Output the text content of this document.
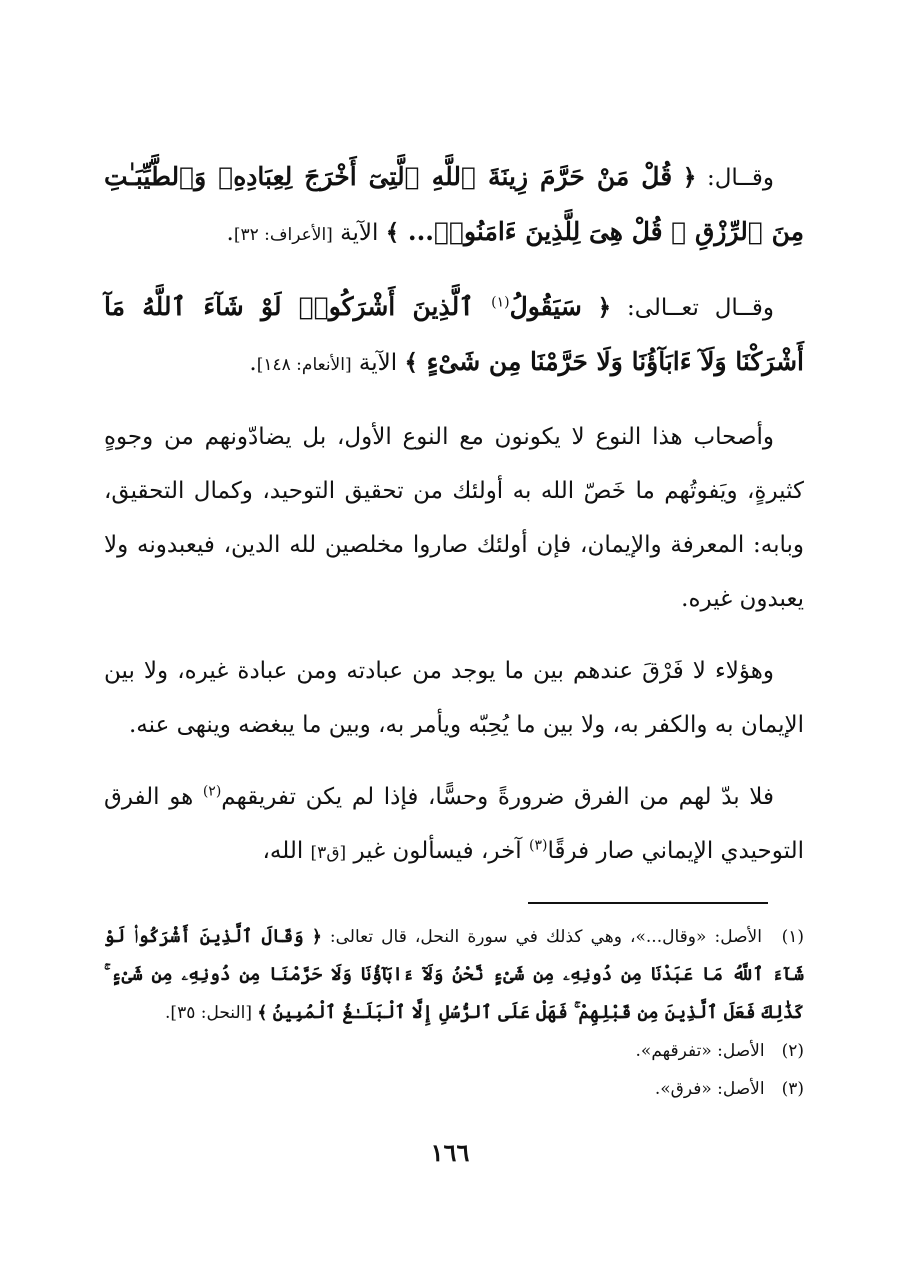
وقــال: ﴿ قُلْ مَنْ حَرَّمَ زِينَةَ ٱللَّهِ ٱلَّتِىٓ أَخْرَجَ لِعِبَادِهِۦ وَٱلطَّيِّبَـٰتِ مِنَ ٱلرِّزْقِ ۚ قُلْ هِىَ لِلَّذِينَ ءَامَنُوا۟... ﴾ الآية [الأعراف: ٣٢].

وقــال تعــالى: ﴿ سَيَقُولُ$^{(١)}$ ٱلَّذِينَ أَشْرَكُوا۟ لَوْ شَآءَ ٱللَّهُ مَآ أَشْرَكْنَا وَلَآ ءَابَآؤُنَا وَلَا حَرَّمْنَا مِن شَىْءٍ ﴾ الآية [الأنعام: ١٤٨].

وأصحاب هذا النوع لا يكونون مع النوع الأول، بل يضادّونهم من وجوهٍ كثيرةٍ، ويَفوتُهم ما خَصّ الله به أولئك من تحقيق التوحيد، وكمال التحقيق، وبابه: المعرفة والإيمان، فإن أولئك صاروا مخلصين لله الدين، فيعبدونه ولا يعبدون غيره.

وهؤلاء لا فَرْقَ عندهم بين ما يوجد من عبادته ومن عبادة غيره، ولا بين الإيمان به والكفر به، ولا بين ما يُحِبّه ويأمر به، وبين ما يبغضه وينهى عنه.

فلا بدّ لهم من الفرق ضرورةً وحسًّا، فإذا لم يكن تفريقهم$^{(٢)}$ هو الفرق التوحيدي الإيماني صار فرقًا$^{(٣)}$ آخر، فيسألون غير [ق٣] الله،

(١) الأصل: «وقال...»، وهي كذلك في سورة النحل، قال تعالى: ﴿ وَقَالَ ٱلَّذِينَ أَشْرَكُوا۟ لَوْ شَآءَ ٱللَّهُ مَا عَبَدْنَا مِن دُونِهِۦ مِن شَىْءٍ نَّحْنُ وَلَآ ءَابَآؤُنَا وَلَا حَرَّمْنَا مِن دُونِهِۦ مِن شَىْءٍ ۚ كَذَٰلِكَ فَعَلَ ٱلَّذِينَ مِن قَبْلِهِمْ ۚ فَهَلْ عَلَى ٱلرُّسُلِ إِلَّا ٱلْبَلَـٰغُ ٱلْمُبِينُ ﴾ [النحل: ٣٥].

(٢) الأصل: «تفرقهم».

(٣) الأصل: «فرق».

١٦٦
